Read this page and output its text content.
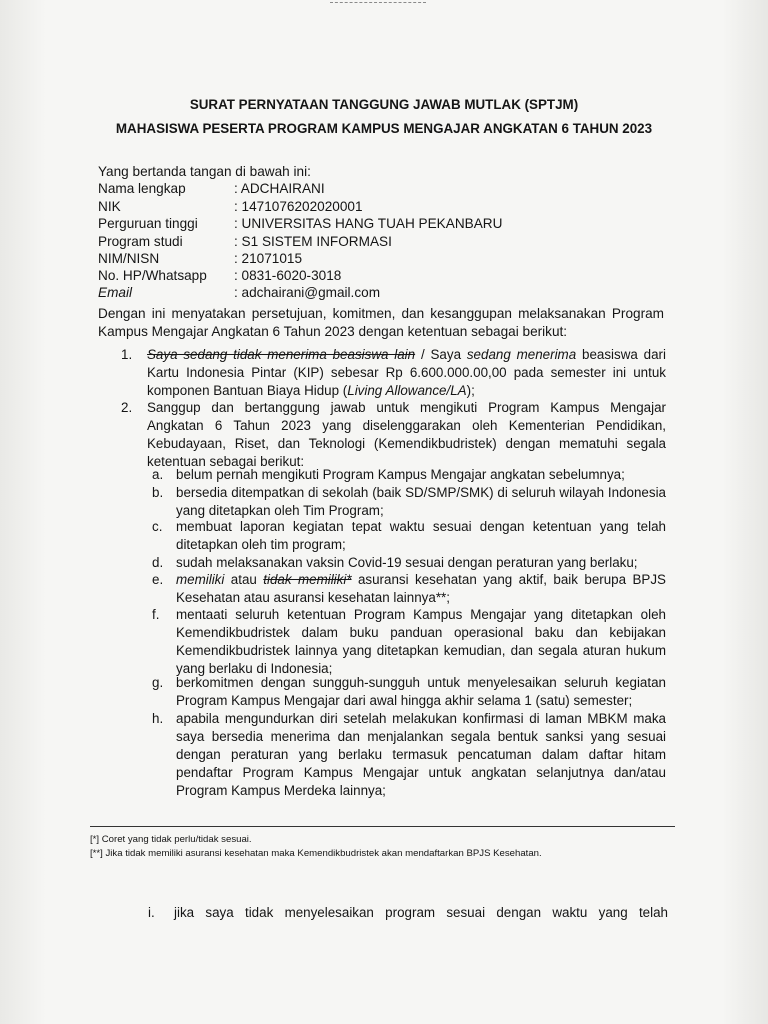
SURAT PERNYATAAN TANGGUNG JAWAB MUTLAK (SPTJM)
MAHASISWA PESERTA PROGRAM KAMPUS MENGAJAR ANGKATAN 6 TAHUN 2023
Yang bertanda tangan di bawah ini:
Nama lengkap	: ADCHAIRANI
NIK	: 1471076202020001
Perguruan tinggi	: UNIVERSITAS HANG TUAH PEKANBARU
Program studi	: S1 SISTEM INFORMASI
NIM/NISN	: 21071015
No. HP/Whatsapp	: 0831-6020-3018
Email	: adchairani@gmail.com
Dengan ini menyatakan persetujuan, komitmen, dan kesanggupan melaksanakan Program Kampus Mengajar Angkatan 6 Tahun 2023 dengan ketentuan sebagai berikut:
1. Saya sedang tidak menerima beasiswa lain / Saya sedang menerima beasiswa dari Kartu Indonesia Pintar (KIP) sebesar Rp 6.600.000.00,00 pada semester ini untuk komponen Bantuan Biaya Hidup (Living Allowance/LA);
2. Sanggup dan bertanggung jawab untuk mengikuti Program Kampus Mengajar Angkatan 6 Tahun 2023 yang diselenggarakan oleh Kementerian Pendidikan, Kebudayaan, Riset, dan Teknologi (Kemendikbudristek) dengan mematuhi segala ketentuan sebagai berikut:
a. belum pernah mengikuti Program Kampus Mengajar angkatan sebelumnya;
b. bersedia ditempatkan di sekolah (baik SD/SMP/SMK) di seluruh wilayah Indonesia yang ditetapkan oleh Tim Program;
c. membuat laporan kegiatan tepat waktu sesuai dengan ketentuan yang telah ditetapkan oleh tim program;
d. sudah melaksanakan vaksin Covid-19 sesuai dengan peraturan yang berlaku;
e. memiliki atau tidak memiliki* asuransi kesehatan yang aktif, baik berupa BPJS Kesehatan atau asuransi kesehatan lainnya**;
f. mentaati seluruh ketentuan Program Kampus Mengajar yang ditetapkan oleh Kemendikbudristek dalam buku panduan operasional baku dan kebijakan Kemendikbudristek lainnya yang ditetapkan kemudian, dan segala aturan hukum yang berlaku di Indonesia;
g. berkomitmen dengan sungguh-sungguh untuk menyelesaikan seluruh kegiatan Program Kampus Mengajar dari awal hingga akhir selama 1 (satu) semester;
h. apabila mengundurkan diri setelah melakukan konfirmasi di laman MBKM maka saya bersedia menerima dan menjalankan segala bentuk sanksi yang sesuai dengan peraturan yang berlaku termasuk pencatuman dalam daftar hitam pendaftar Program Kampus Mengajar untuk angkatan selanjutnya dan/atau Program Kampus Merdeka lainnya;
[*] Coret yang tidak perlu/tidak sesuai.
[**] Jika tidak memiliki asuransi kesehatan maka Kemendikbudristek akan mendaftarkan BPJS Kesehatan.
i. jika saya tidak menyelesaikan program sesuai dengan waktu yang telah
